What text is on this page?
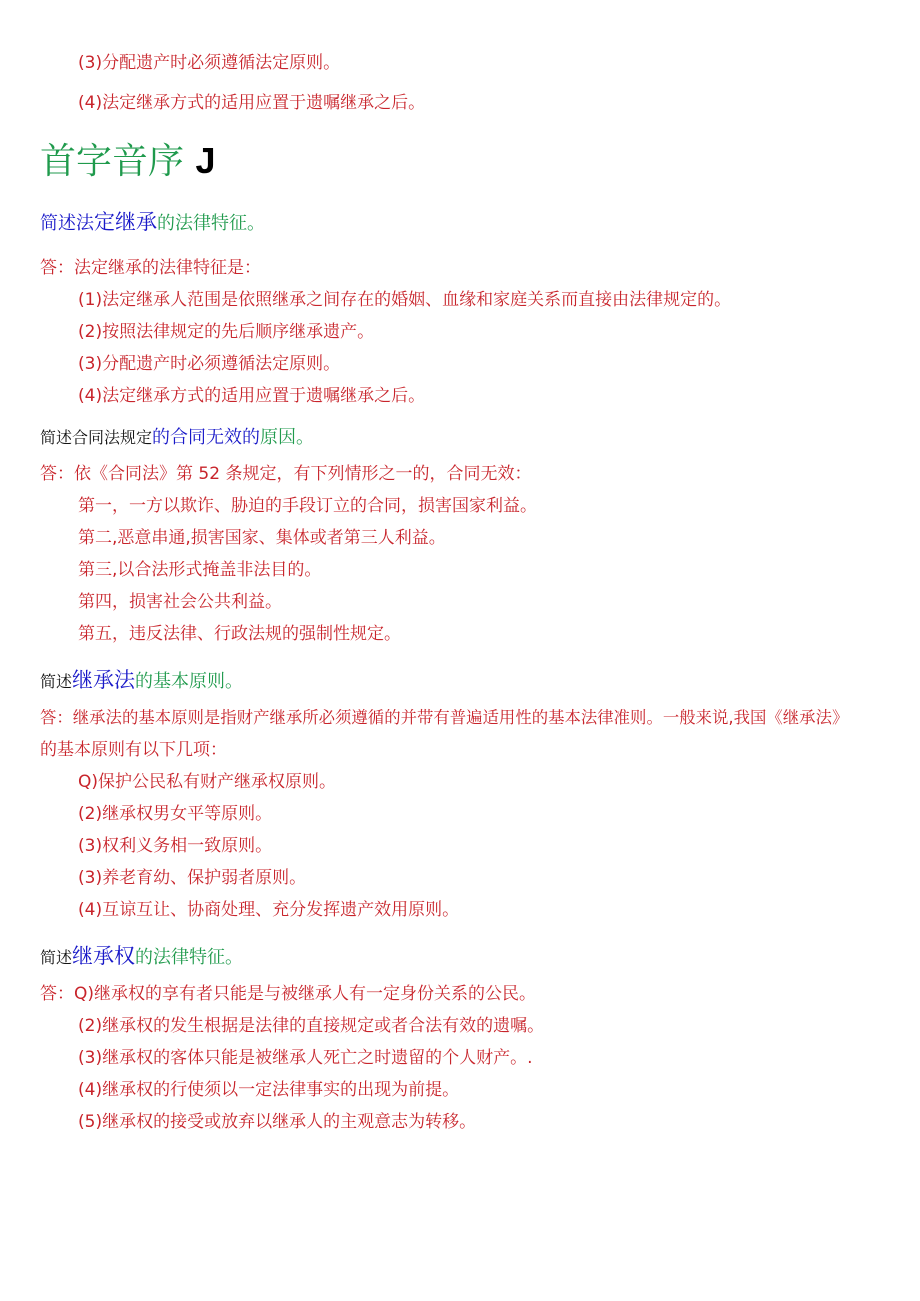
(3)分配遗产时必须遵循法定原则。
(4)法定继承方式的适用应置于遗嘱继承之后。
首字音序 J
简述法定继承的法律特征。
答：法定继承的法律特征是：
(1)法定继承人范围是依照继承之间存在的婚姻、血缘和家庭关系而直接由法律规定的。
(2)按照法律规定的先后顺序继承遗产。
(3)分配遗产时必须遵循法定原则。
(4)法定继承方式的适用应置于遗嘱继承之后。
简述合同法规定的合同无效的原因。
答：依《合同法》第 52 条规定，有下列情形之一的，合同无效：
第一，一方以欺诈、胁迫的手段订立的合同，损害国家利益。
第二,恶意串通,损害国家、集体或者第三人利益。
第三,以合法形式掩盖非法目的。
第四，损害社会公共利益。
第五，违反法律、行政法规的强制性规定。
简述继承法的基本原则。
答：继承法的基本原则是指财产继承所必须遵循的并带有普遍适用性的基本法律准则。一般来说,我国《继承法》
的基本原则有以下几项：
Q)保护公民私有财产继承权原则。
(2)继承权男女平等原则。
(3)权利义务相一致原则。
(3)养老育幼、保护弱者原则。
(4)互谅互让、协商处理、充分发挥遗产效用原则。
简述继承权的法律特征。
答：Q)继承权的享有者只能是与被继承人有一定身份关系的公民。
(2)继承权的发生根据是法律的直接规定或者合法有效的遗嘱。
(3)继承权的客体只能是被继承人死亡之时遗留的个人财产。.
(4)继承权的行使须以一定法律事实的出现为前提。
(5)继承权的接受或放弃以继承人的主观意志为转移。
